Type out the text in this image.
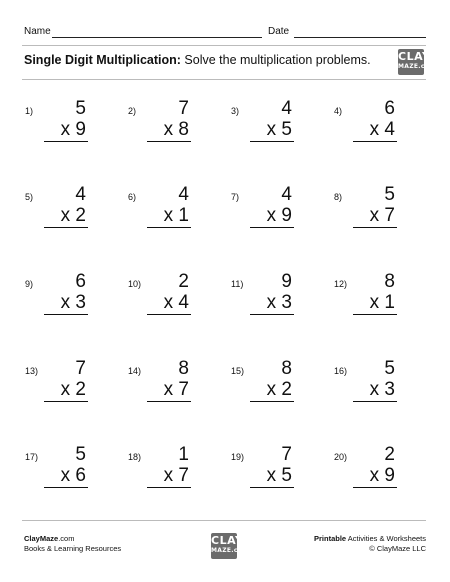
Name	Date
Single Digit Multiplication: Solve the multiplication problems. CLAY
MAZE.com
1)	5
x 9
2)	7
x 8
3)	4
x 5
4)	6
x 4
5)	4
x 2
6)	4
x 1
7)	4
x 9
8)	5
x 7
9)	6
x 3
10)	2
x 4
11)	9
x 3
12)	8
x 1
13)	7
x 2
14)	8
x 7
15)	8
x 2
16)	5
x 3
17)	5
x 6
18)	1
x 7
19)	7
x 5
20)	2
x 9
ClayMaze.com
Books & Learning Resources
CLAY
MAZE.com
Printable Activities & Worksheets
© ClayMaze LLC
